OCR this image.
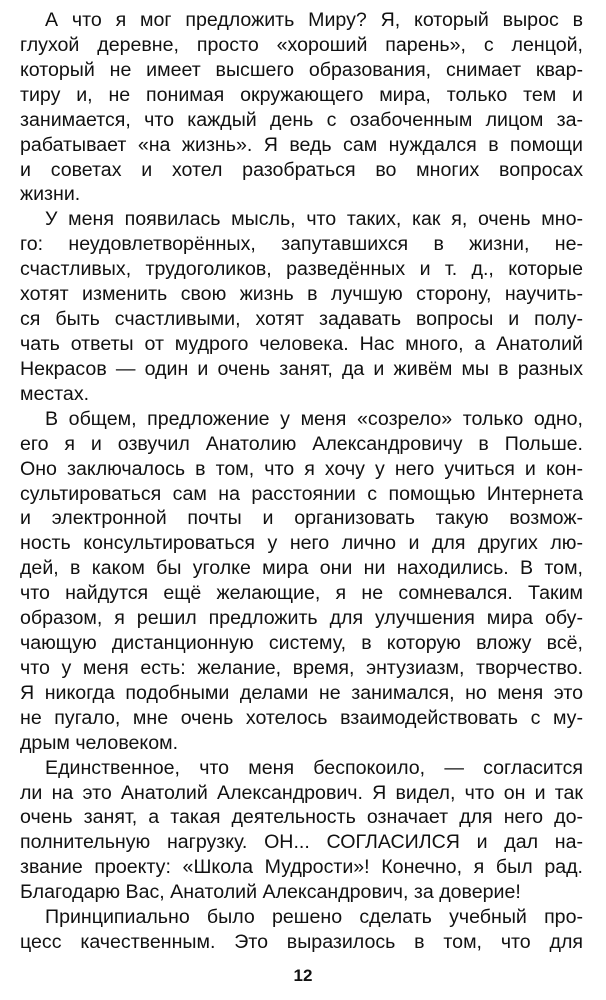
А что я мог предложить Миру? Я, который вырос в
глухой деревне, просто «хороший парень», с ленцой,
который не имеет высшего образования, снимает квар-
тиру и, не понимая окружающего мира, только тем и
занимается, что каждый день с озабоченным лицом за-
рабатывает «на жизнь». Я ведь сам нуждался в помощи
и советах и хотел разобраться во многих вопросах
жизни.
У меня появилась мысль, что таких, как я, очень мно-
го: неудовлетворённых, запутавшихся в жизни, не-
счастливых, трудоголиков, разведённых и т. д., которые
хотят изменить свою жизнь в лучшую сторону, научить-
ся быть счастливыми, хотят задавать вопросы и полу-
чать ответы от мудрого человека. Нас много, а Анатолий
Некрасов — один и очень занят, да и живём мы в разных
местах.
В общем, предложение у меня «созрело» только одно,
его я и озвучил Анатолию Александровичу в Польше.
Оно заключалось в том, что я хочу у него учиться и кон-
сультироваться сам на расстоянии с помощью Интернета
и электронной почты и организовать такую возмож-
ность консультироваться у него лично и для других лю-
дей, в каком бы уголке мира они ни находились. В том,
что найдутся ещё желающие, я не сомневался. Таким
образом, я решил предложить для улучшения мира обу-
чающую дистанционную систему, в которую вложу всё,
что у меня есть: желание, время, энтузиазм, творчество.
Я никогда подобными делами не занимался, но меня это
не пугало, мне очень хотелось взаимодействовать с му-
дрым человеком.
Единственное, что меня беспокоило, — согласится
ли на это Анатолий Александрович. Я видел, что он и так
очень занят, а такая деятельность означает для него до-
полнительную нагрузку. ОН... СОГЛАСИЛСЯ и дал на-
звание проекту: «Школа Мудрости»! Конечно, я был рад.
Благодарю Вас, Анатолий Александрович, за доверие!
Принципиально было решено сделать учебный про-
цесс качественным. Это выразилось в том, что для
12
